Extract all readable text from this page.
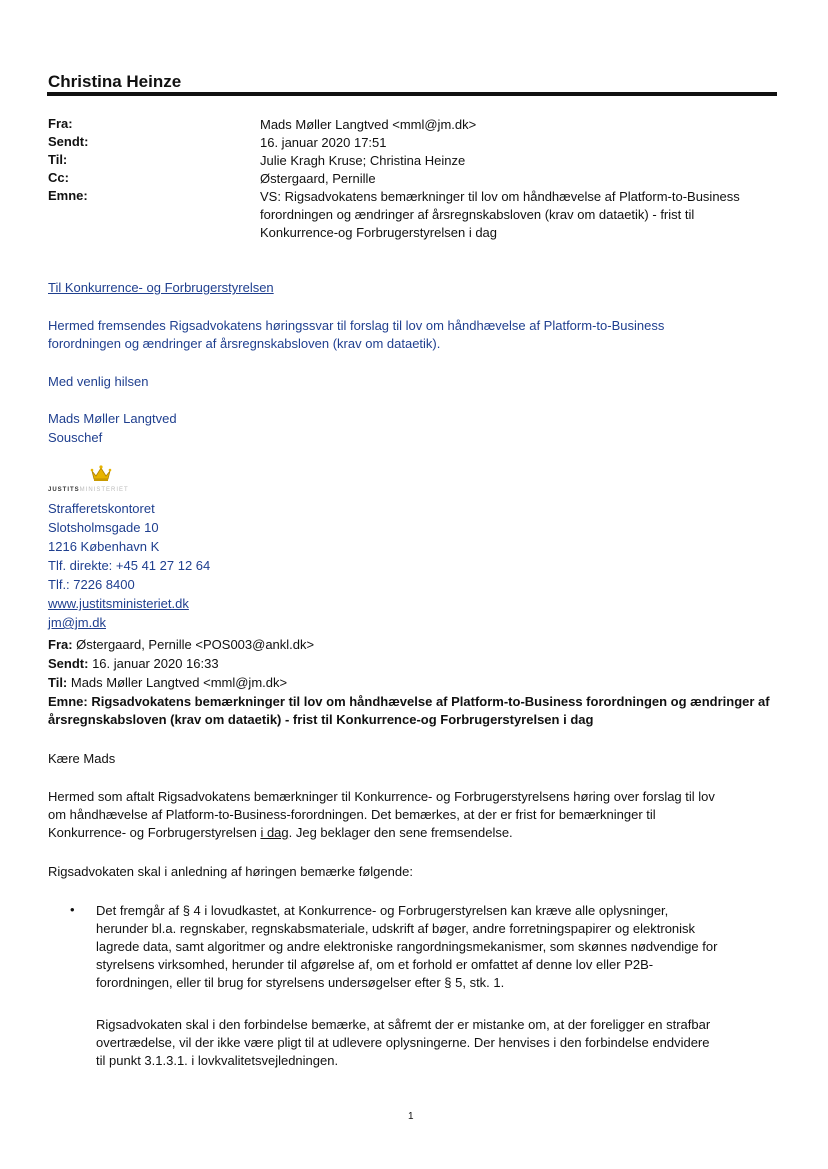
Christina Heinze
Fra:
Sendt:
Til:
Cc:
Emne:
Mads Møller Langtved <mml@jm.dk>
16. januar 2020 17:51
Julie Kragh Kruse; Christina Heinze
Østergaard, Pernille
VS: Rigsadvokatens bemærkninger til lov om håndhævelse af Platform-to-Business
forordningen og ændringer af årsregnskabsloven (krav om dataetik) - frist til
Konkurrence-og Forbrugerstyrelsen i dag
Til Konkurrence- og Forbrugerstyrelsen
Hermed fremsendes Rigsadvokatens høringssvar til forslag til lov om håndhævelse af Platform-to-Business
forordningen og ændringer af årsregnskabsloven (krav om dataetik).
Med venlig hilsen
Mads Møller Langtved
Souschef
JUSTITSMINISTERIET
Strafferetskontoret
Slotsholmsgade 10
1216 København K
Tlf. direkte: +45 41 27 12 64
Tlf.: 7226 8400
www.justitsministeriet.dk
jm@jm.dk
Fra: Østergaard, Pernille <POS003@ankl.dk>
Sendt: 16. januar 2020 16:33
Til: Mads Møller Langtved <mml@jm.dk>
Emne: Rigsadvokatens bemærkninger til lov om håndhævelse af Platform-to-Business forordningen og ændringer af
årsregnskabsloven (krav om dataetik) - frist til Konkurrence-og Forbrugerstyrelsen i dag
Kære Mads
Hermed som aftalt Rigsadvokatens bemærkninger til Konkurrence- og Forbrugerstyrelsens høring over forslag til lov
om håndhævelse af Platform-to-Business-forordningen. Det bemærkes, at der er frist for bemærkninger til
Konkurrence- og Forbrugerstyrelsen i dag. Jeg beklager den sene fremsendelse.
Rigsadvokaten skal i anledning af høringen bemærke følgende:
• Det fremgår af § 4 i lovudkastet, at Konkurrence- og Forbrugerstyrelsen kan kræve alle oplysninger,
herunder bl.a. regnskaber, regnskabsmateriale, udskrift af bøger, andre forretningspapirer og elektronisk
lagrede data, samt algoritmer og andre elektroniske rangordningsmekanismer, som skønnes nødvendige for
styrelsens virksomhed, herunder til afgørelse af, om et forhold er omfattet af denne lov eller P2B-
forordningen, eller til brug for styrelsens undersøgelser efter § 5, stk. 1.
Rigsadvokaten skal i den forbindelse bemærke, at såfremt der er mistanke om, at der foreligger en strafbar
overtrædelse, vil der ikke være pligt til at udlevere oplysningerne. Der henvises i den forbindelse endvidere
til punkt 3.1.3.1. i lovkvalitetsvejledningen.
1
